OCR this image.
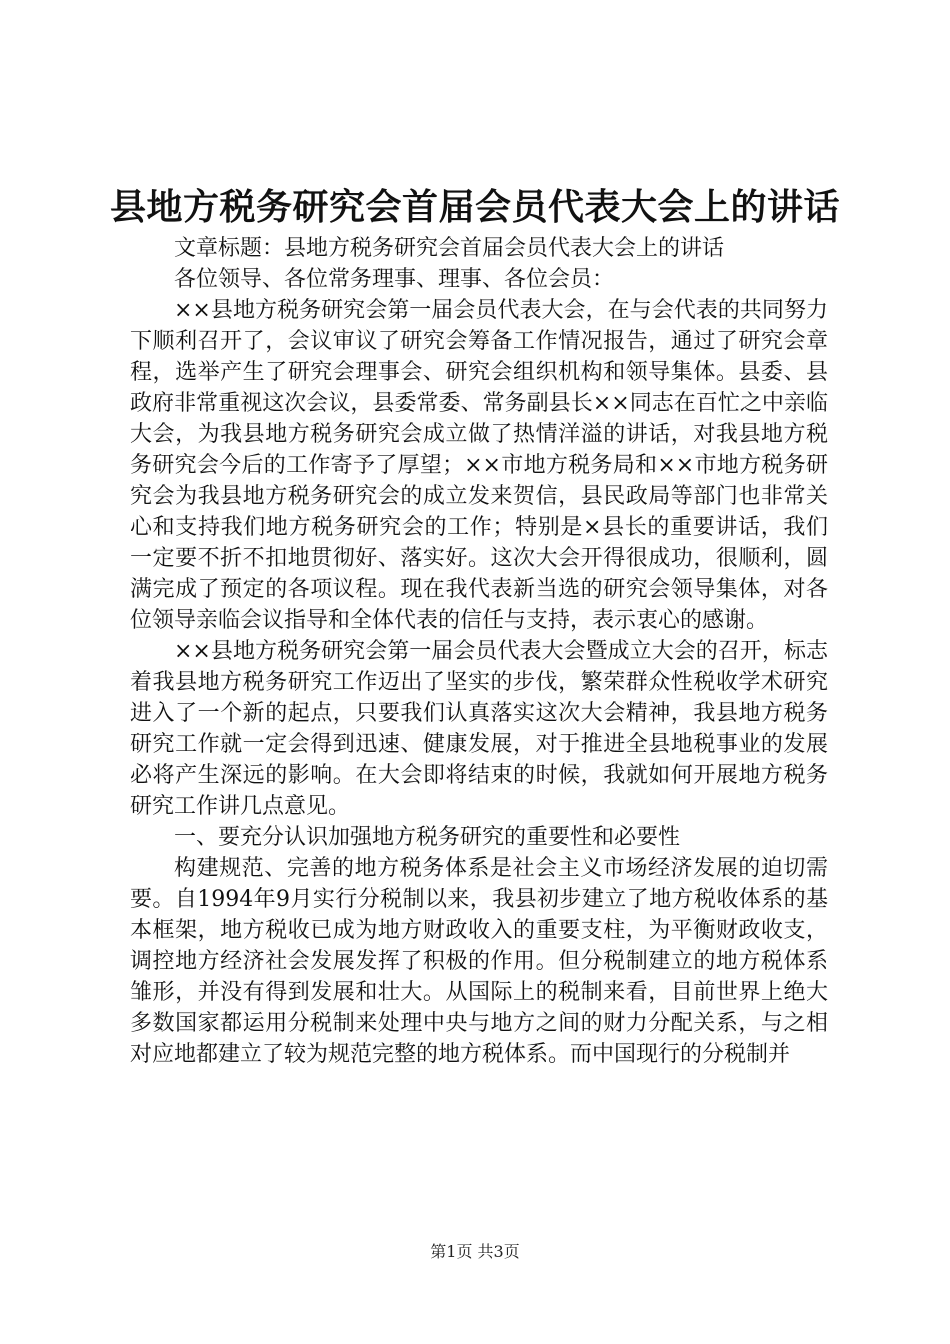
县地方税务研究会首届会员代表大会上的讲话

文章标题：县地方税务研究会首届会员代表大会上的讲话

各位领导、各位常务理事、理事、各位会员：

××县地方税务研究会第一届会员代表大会，在与会代表的共同努力下顺利召开了，会议审议了研究会筹备工作情况报告，通过了研究会章程，选举产生了研究会理事会、研究会组织机构和领导集体。县委、县政府非常重视这次会议，县委常委、常务副县长××同志在百忙之中亲临大会，为我县地方税务研究会成立做了热情洋溢的讲话，对我县地方税务研究会今后的工作寄予了厚望；××市地方税务局和××市地方税务研究会为我县地方税务研究会的成立发来贺信，县民政局等部门也非常关心和支持我们地方税务研究会的工作；特别是×县长的重要讲话，我们一定要不折不扣地贯彻好、落实好。这次大会开得很成功，很顺利，圆满完成了预定的各项议程。现在我代表新当选的研究会领导集体，对各位领导亲临会议指导和全体代表的信任与支持，表示衷心的感谢。

××县地方税务研究会第一届会员代表大会暨成立大会的召开，标志着我县地方税务研究工作迈出了坚实的步伐，繁荣群众性税收学术研究进入了一个新的起点，只要我们认真落实这次大会精神，我县地方税务研究工作就一定会得到迅速、健康发展，对于推进全县地税事业的发展必将产生深远的影响。在大会即将结束的时候，我就如何开展地方税务研究工作讲几点意见。

一、要充分认识加强地方税务研究的重要性和必要性

构建规范、完善的地方税务体系是社会主义市场经济发展的迫切需要。自1994年9月实行分税制以来，我县初步建立了地方税收体系的基本框架，地方税收已成为地方财政收入的重要支柱，为平衡财政收支，调控地方经济社会发展发挥了积极的作用。但分税制建立的地方税体系雏形，并没有得到发展和壮大。从国际上的税制来看，目前世界上绝大多数国家都运用分税制来处理中央与地方之间的财力分配关系，与之相对应地都建立了较为规范完整的地方税体系。而中国现行的分税制并

第1页 共3页
